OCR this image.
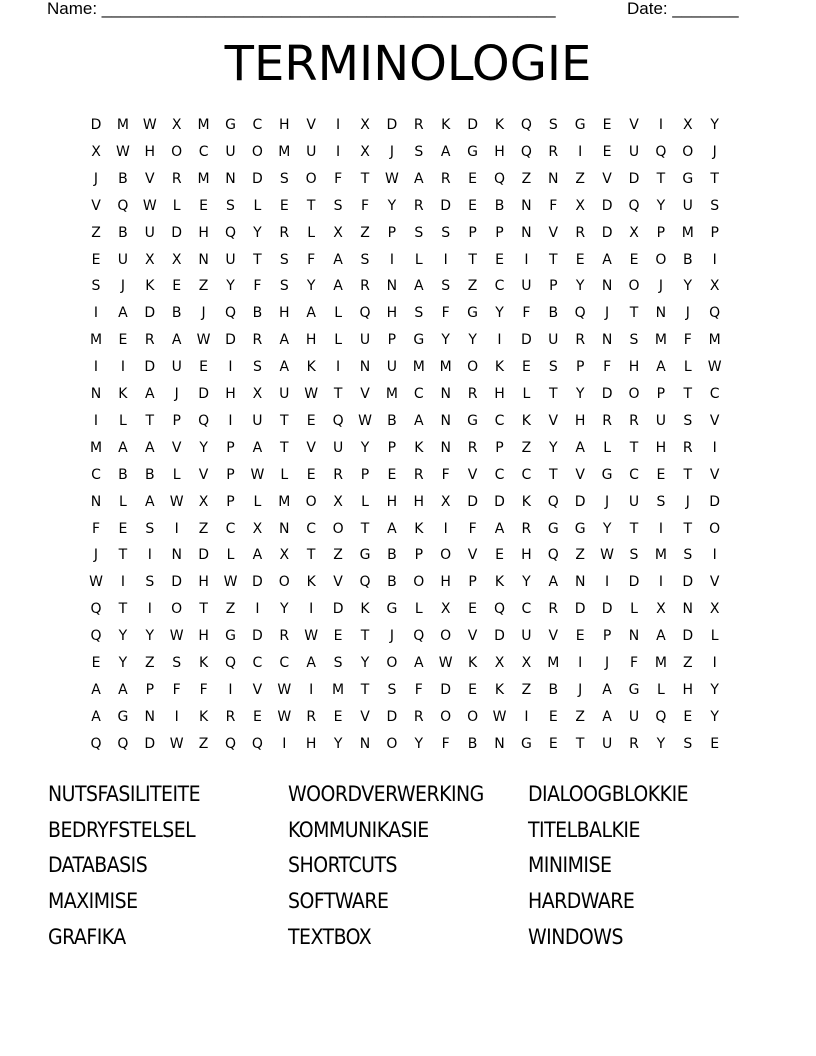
Name: ________________________________________________

	Date: _______

TERMINOLOGIE
D	M W	X	M	G	C	H	V	I	X	D	R	K	D	K	Q	S	G	E	V	I	X	Y
X	W	H	O	C	U	O	M	U	I	X	J	S	A	G	H	Q	R	I	E	U	Q	O	J
J	B	V	R	M	N	D	S	O	F	T	W	A	R	E	Q	Z	N	Z	V	D	T	G	T
V	Q	W	L	E	S	L	E	T	S	F	Y	R	D	E	B	N	F	X	D	Q	Y	U	S
Z	B	U	D	H	Q	Y	R	L	X	Z	P	S	S	P	P	N	V	R	D	X	P	M	P
E	U	X	X	N	U	T	S	F	A	S	I	L	I	T	E	I	T	E	A	E	O	B	I
S	J	K	E	Z	Y	F	S	Y	A	R	N	A	S	Z	C	U	P	Y	N	O	J	Y	X
I	A	D	B	J	Q	B	H	A	L	Q	H	S	F	G	Y	F	B	Q	J	T	N	J	Q
M	E	R	A	W	D	R	A	H	L	U	P	G	Y	Y	I	D	U	R	N	S	M	F	M
I	I	D	U	E	I	S	A	K	I	N	U	M	M	O	K	E	S	P	F	H	A	L	W
N	K	A	J	D	H	X	U	W	T	V	M	C	N	R	H	L	T	Y	D	O	P	T	C
I	L	T	P	Q	I	U	T	E	Q	W	B	A	N	G	C	K	V	H	R	R	U	S	V
M	A	A	V	Y	P	A	T	V	U	Y	P	K	N	R	P	Z	Y	A	L	T	H	R	I
C	B	B	L	V	P	W	L	E	R	P	E	R	F	V	C	C	T	V	G	C	E	T	V
N	L	A	W	X	P	L	M	O	X	L	H	H	X	D	D	K	Q	D	J	U	S	J	D
F	E	S	I	Z	C	X	N	C	O	T	A	K	I	F	A	R	G	G	Y	T	I	T	O
J	T	I	N	D	L	A	X	T	Z	G	B	P	O	V	E	H	Q	Z	W	S	M	S	I
W	I	S	D	H	W	D	O	K	V	Q	B	O	H	P	K	Y	A	N	I	D	I	D	V
Q	T	I	O	T	Z	I	Y	I	D	K	G	L	X	E	Q	C	R	D	D	L	X	N	X
Q	Y	Y	W	H	G	D	R	W	E	T	J	Q	O	V	D	U	V	E	P	N	A	D	L
E	Y	Z	S	K	Q	C	C	A	S	Y	O	A	W	K	X	X	M	I	J	F	M	Z	I
A	A	P	F	F	I	V	W	I	M	T	S	F	D	E	K	Z	B	J	A	G	L	H	Y
A	G	N	I	K	R	E	W	R	E	V	D	R	O	O	W	I	E	Z	A	U	Q	E	Y
Q	Q	D	W	Z	Q	Q	I	H	Y	N	O	Y	F	B	N	G	E	T	U	R	Y	S	E
NUTSFASILITEITE	WOORDVERWERKING DIALOOGBLOKKIE
BEDRYFSTELSEL	KOMMUNIKASIE	TITELBALKIE
DATABASIS	SHORTCUTS	MINIMISE
MAXIMISE	SOFTWARE	HARDWARE
GRAFIKA	TEXTBOX	WINDOWS
